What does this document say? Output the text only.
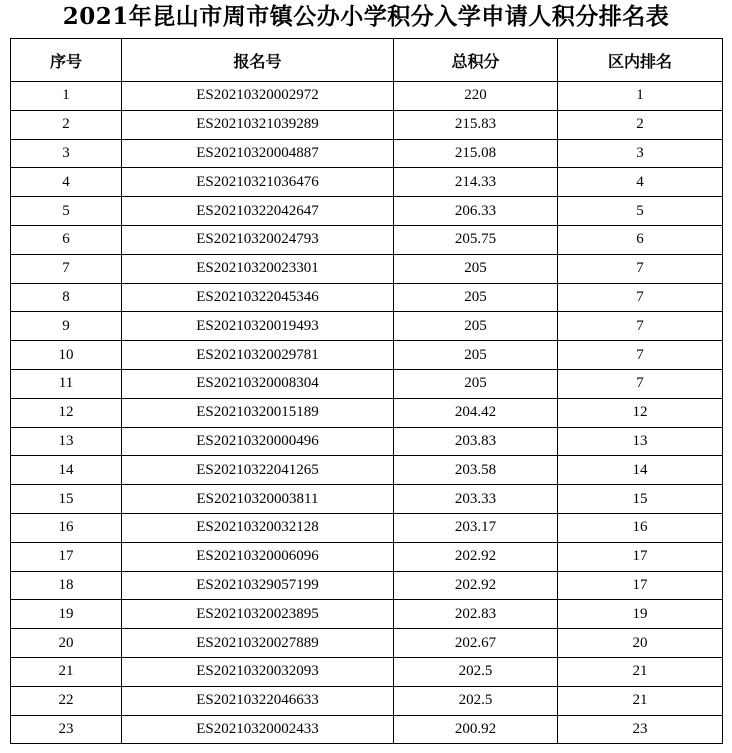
2021年昆山市周市镇公办小学积分入学申请人积分排名表
序号	报名号	总积分	区内排名
1	ES20210320002972	220	1
2	ES20210321039289	215.83	2
3	ES20210320004887	215.08	3
4	ES20210321036476	214.33	4
5	ES20210322042647	206.33	5
6	ES20210320024793	205.75	6
7	ES20210320023301	205	7
8	ES20210322045346	205	7
9	ES20210320019493	205	7
10	ES20210320029781	205	7
11	ES20210320008304	205	7
12	ES20210320015189	204.42	12
13	ES20210320000496	203.83	13
14	ES20210322041265	203.58	14
15	ES20210320003811	203.33	15
16	ES20210320032128	203.17	16
17	ES20210320006096	202.92	17
18	ES20210329057199	202.92	17
19	ES20210320023895	202.83	19
20	ES20210320027889	202.67	20
21	ES20210320032093	202.5	21
22	ES20210322046633	202.5	21
23	ES20210320002433	200.92	23
